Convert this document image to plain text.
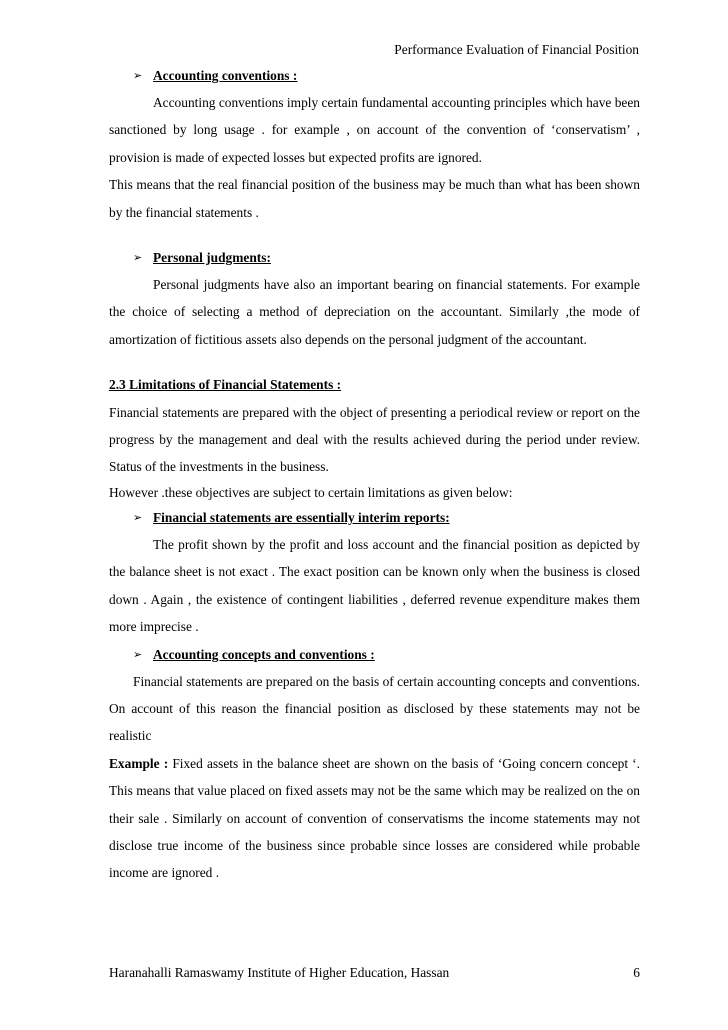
Performance Evaluation of Financial Position

➢ Accounting conventions :

Accounting conventions imply certain fundamental accounting principles which have been sanctioned by long usage . for example , on account of the convention of ‘conservatism’ , provision is made of expected losses but expected profits are ignored.

This means that the real financial position of the business may be much than what has been shown by the financial statements .

➢ Personal judgments:

Personal judgments have also an important bearing on financial statements. For example the choice of selecting a method of depreciation on the accountant. Similarly ,the mode of amortization of fictitious assets also depends on the personal judgment of the accountant.

2.3 Limitations of Financial Statements :

Financial statements are prepared with the object of presenting a periodical review or report on the progress by the management and deal with the results achieved during the period under review. Status of the investments in the business.

However .these objectives are subject to certain limitations as given below:

➢ Financial statements are essentially interim reports:

The profit shown by the profit and loss account and the financial position as depicted by the balance sheet is not exact . The exact position can be known only when the business is closed down . Again , the existence of contingent liabilities , deferred revenue expenditure makes them more imprecise .

➢ Accounting concepts and conventions :

Financial statements are prepared on the basis of certain accounting concepts and conventions. On account of this reason the financial position as disclosed by these statements may not be realistic

Example : Fixed assets in the balance sheet are shown on the basis of ‘Going concern concept ‘. This means that value placed on fixed assets may not be the same which may be realized on the on their sale . Similarly on account of convention of conservatisms the income statements may not disclose true income of the business since probable since losses are considered while probable income are ignored .

Haranahalli Ramaswamy Institute of Higher Education, Hassan	6
